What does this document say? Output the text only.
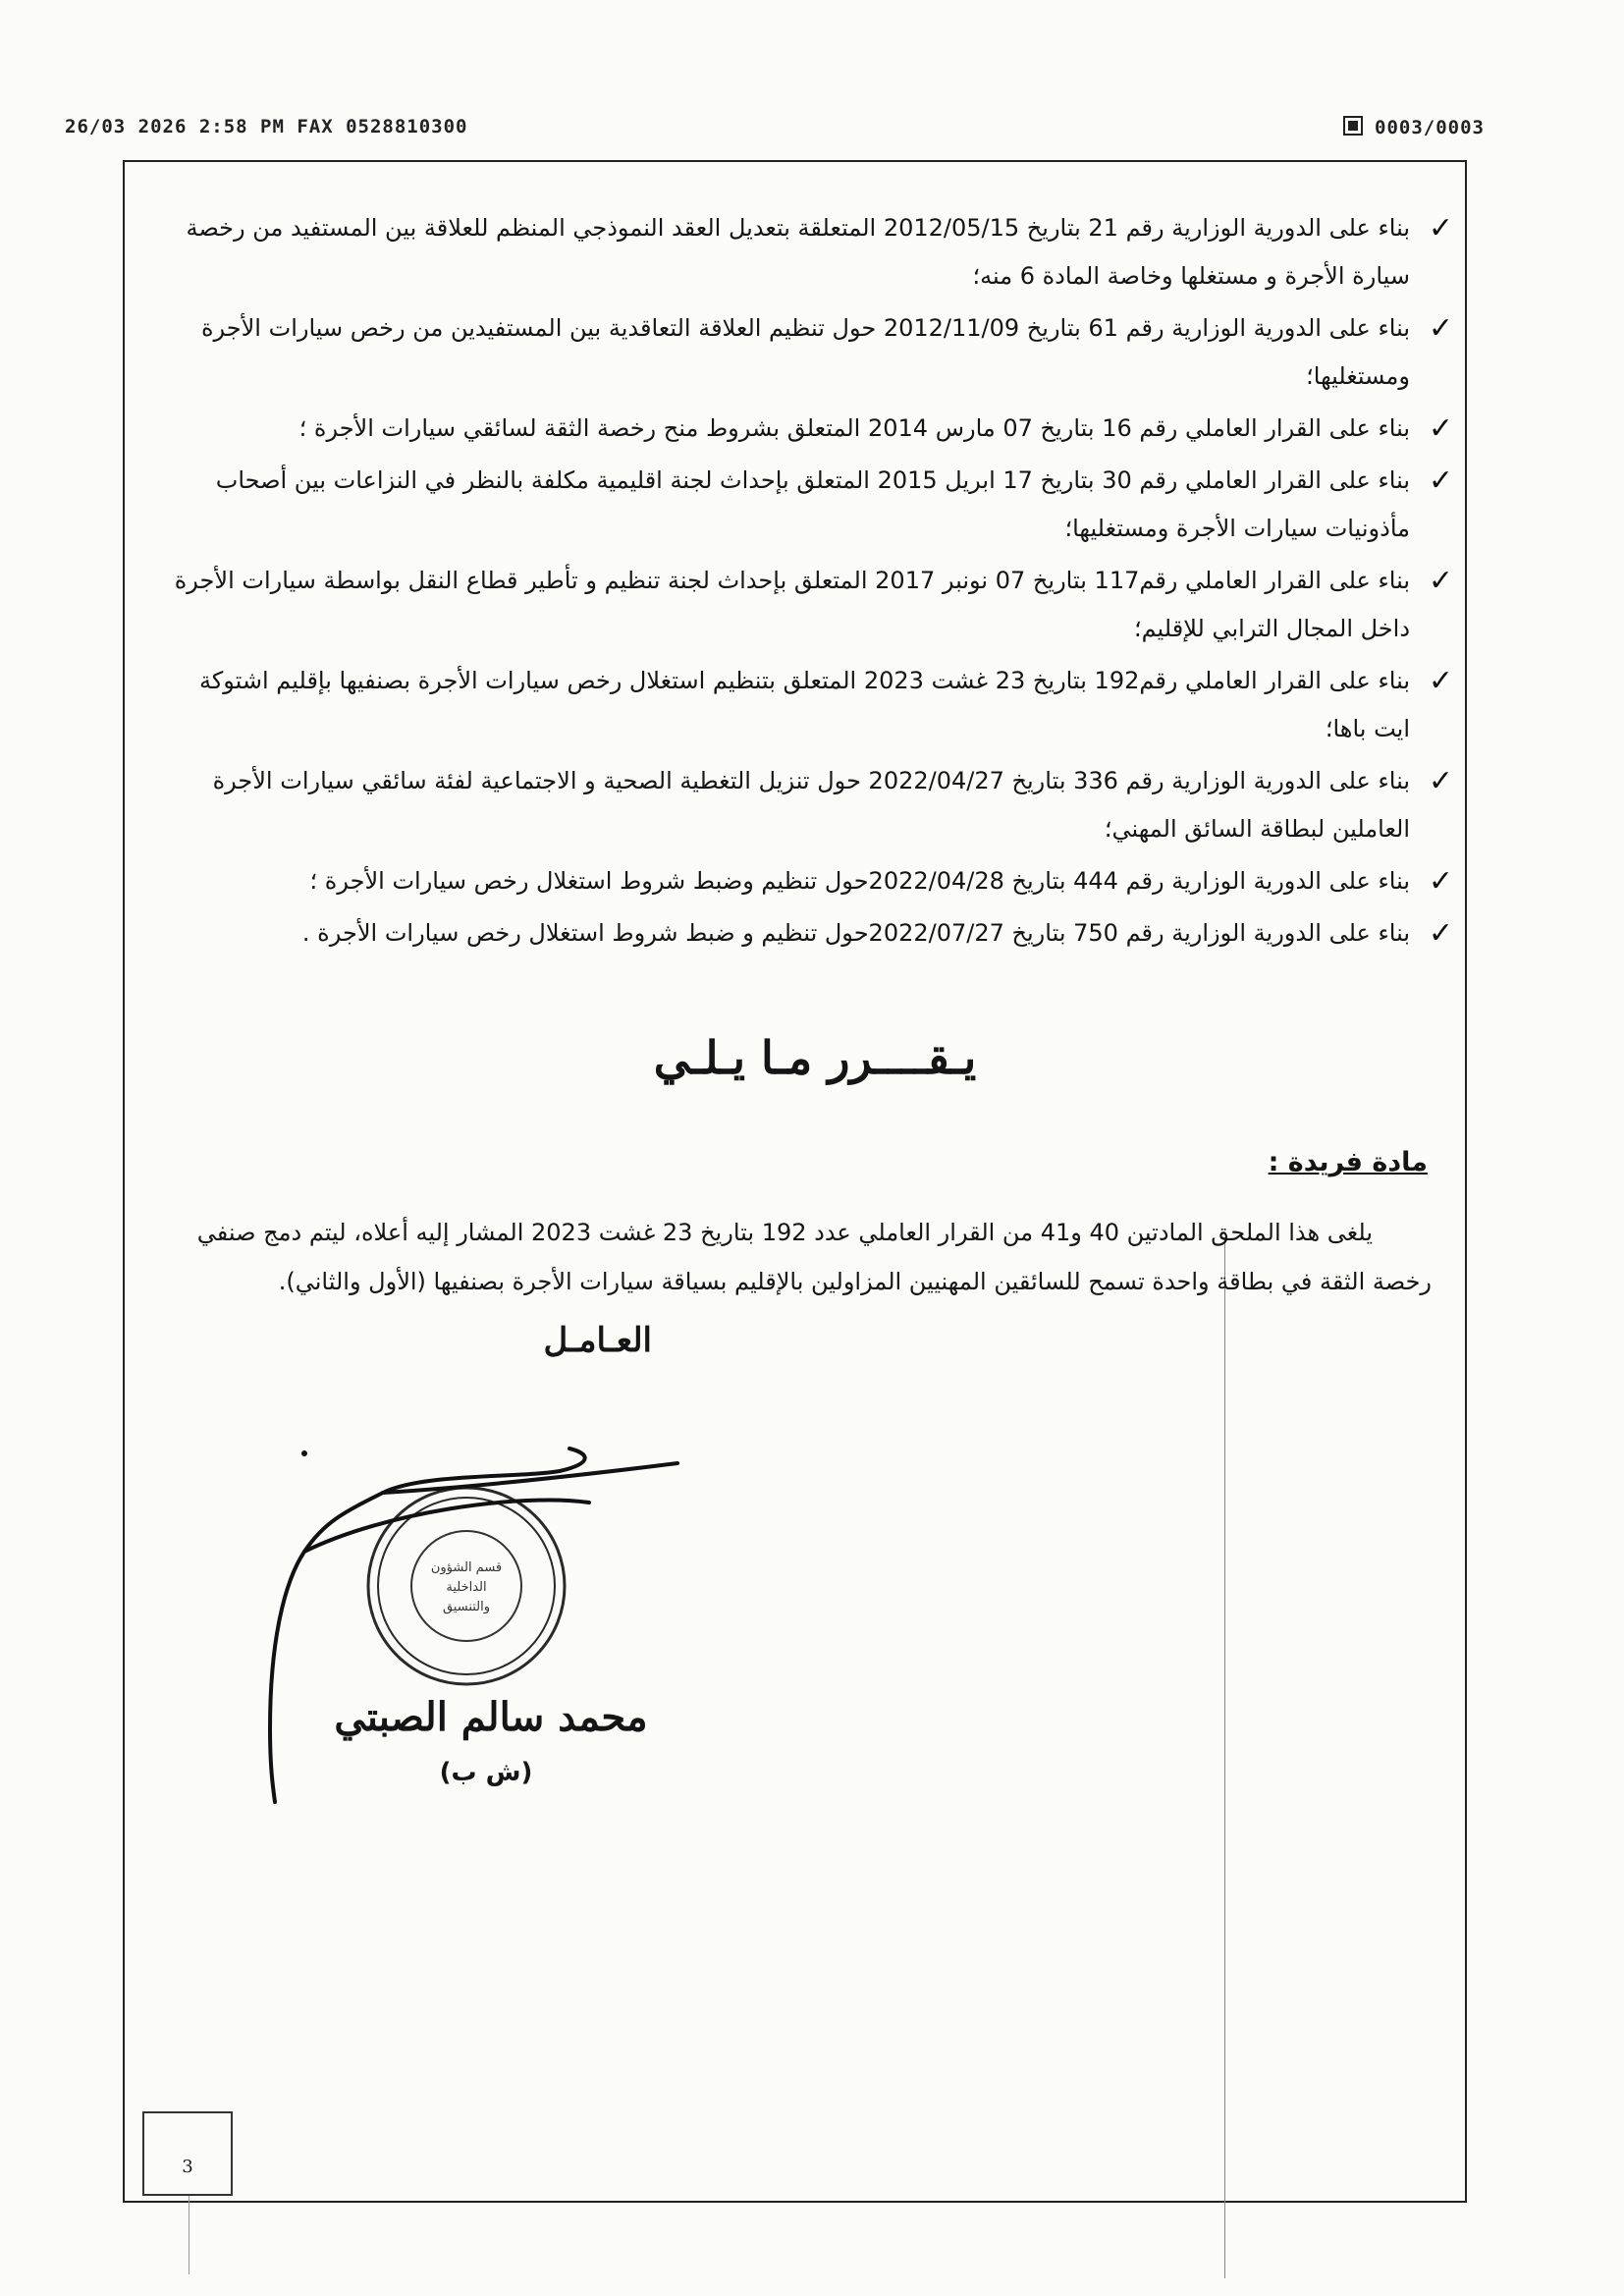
26/03 2026 2:58 PM FAX 0528810300	0003/0003
✓
بناء على الدورية الوزارية رقم 21 بتاريخ 2012/05/15 المتعلقة بتعديل العقد النموذجي المنظم للعلاقة بين المستفيد من رخصة سيارة الأجرة و مستغلها وخاصة المادة 6 منه؛
✓
بناء على الدورية الوزارية رقم 61 بتاريخ 2012/11/09 حول تنظيم العلاقة التعاقدية بين المستفيدين من رخص سيارات الأجرة ومستغليها؛
✓
بناء على القرار العاملي رقم 16 بتاريخ 07 مارس 2014 المتعلق بشروط منح رخصة الثقة لسائقي سيارات الأجرة ؛
✓
بناء على القرار العاملي رقم 30 بتاريخ 17 ابريل 2015 المتعلق بإحداث لجنة اقليمية مكلفة بالنظر في النزاعات بين أصحاب مأذونيات سيارات الأجرة ومستغليها؛
✓
بناء على القرار العاملي رقم117 بتاريخ 07 نونبر 2017 المتعلق بإحداث لجنة تنظيم و تأطير قطاع النقل بواسطة سيارات الأجرة داخل المجال الترابي للإقليم؛
✓
بناء على القرار العاملي رقم192 بتاريخ 23 غشت 2023 المتعلق بتنظيم استغلال رخص سيارات الأجرة بصنفيها بإقليم اشتوكة ايت باها؛
✓
بناء على الدورية الوزارية رقم 336 بتاريخ 2022/04/27 حول تنزيل التغطية الصحية و الاجتماعية لفئة سائقي سيارات الأجرة العاملين لبطاقة السائق المهني؛
✓
بناء على الدورية الوزارية رقم 444 بتاريخ 2022/04/28حول تنظيم وضبط شروط استغلال رخص سيارات الأجرة ؛
✓
بناء على الدورية الوزارية رقم 750 بتاريخ 2022/07/27حول تنظيم و ضبط شروط استغلال رخص سيارات الأجرة .
يـقــــرر مـا يـلـي
مادة فريدة :

يلغى هذا الملحق المادتين 40 و41 من القرار العاملي عدد 192 بتاريخ 23 غشت 2023 المشار إليه أعلاه، ليتم دمج صنفي رخصة الثقة في بطاقة واحدة تسمح للسائقين المهنيين المزاولين بالإقليم بسياقة سيارات الأجرة بصنفيها (الأول والثاني).
العـامـل
قسم الشؤون
الداخلية
والتنسيق
محمد سالم الصبتي
(ش ب)
3
